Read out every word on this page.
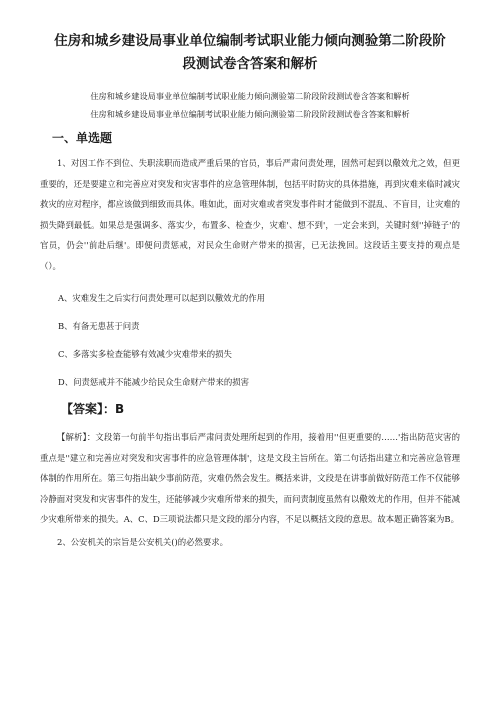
住房和城乡建设局事业单位编制考试职业能力倾向测验第二阶段阶
段测试卷含答案和解析

住房和城乡建设局事业单位编制考试职业能力倾向测验第二阶段阶段测试卷含答案和解析

住房和城乡建设局事业单位编制考试职业能力倾向测验第二阶段阶段测试卷含答案和解析

一、单选题

1、对因工作不到位、失职渎职而造成严重后果的官员，事后严肃问责处理，固然可起到以儆效尤之效，但更重要的，还是要建立和完善应对突发和灾害事件的应急管理体制，包括平时防灾的具体措施，再到灾难来临时减灾救灾的应对程序，都应该做到细致而具体。唯如此，面对灾难或者突发事件时才能做到不混乱、不盲目，让灾难的损失降到最低。如果总是强调多、落实少，布置多、检查少，灾难'、想不到'，一定会来到，关键时刻''掉链子'的官员，仍会''前赴后继'。即便问责惩戒，对民众生命财产带来的损害，已无法挽回。这段话主要支持的观点是（）。

A、灾难发生之后实行问责处理可以起到以儆效尤的作用

B、有备无患甚于问责

C、多落实多检查能够有效减少灾难带来的损失

D、问责惩戒并不能减少给民众生命财产带来的损害

【答案】：B

【解析】：文段第一句前半句指出事后严肃问责处理所起到的作用，接着用''但更重要的……'指出防范灾害的重点是''建立和完善应对突发和灾害事件的应急管理体制'，这是文段主旨所在。第二句话指出建立和完善应急管理体制的作用所在。第三句指出缺少事前防范，灾难仍然会发生。概括来讲，文段是在讲事前做好防范工作不仅能够冷静面对突发和灾害事件的发生，还能够减少灾难所带来的损失，而问责制度虽然有以儆效尤的作用，但并不能减少灾难所带来的损失。A、C、D三项说法都只是文段的部分内容，不足以概括文段的意思。故本题正确答案为B。

2、公安机关的宗旨是公安机关()的必然要求。
